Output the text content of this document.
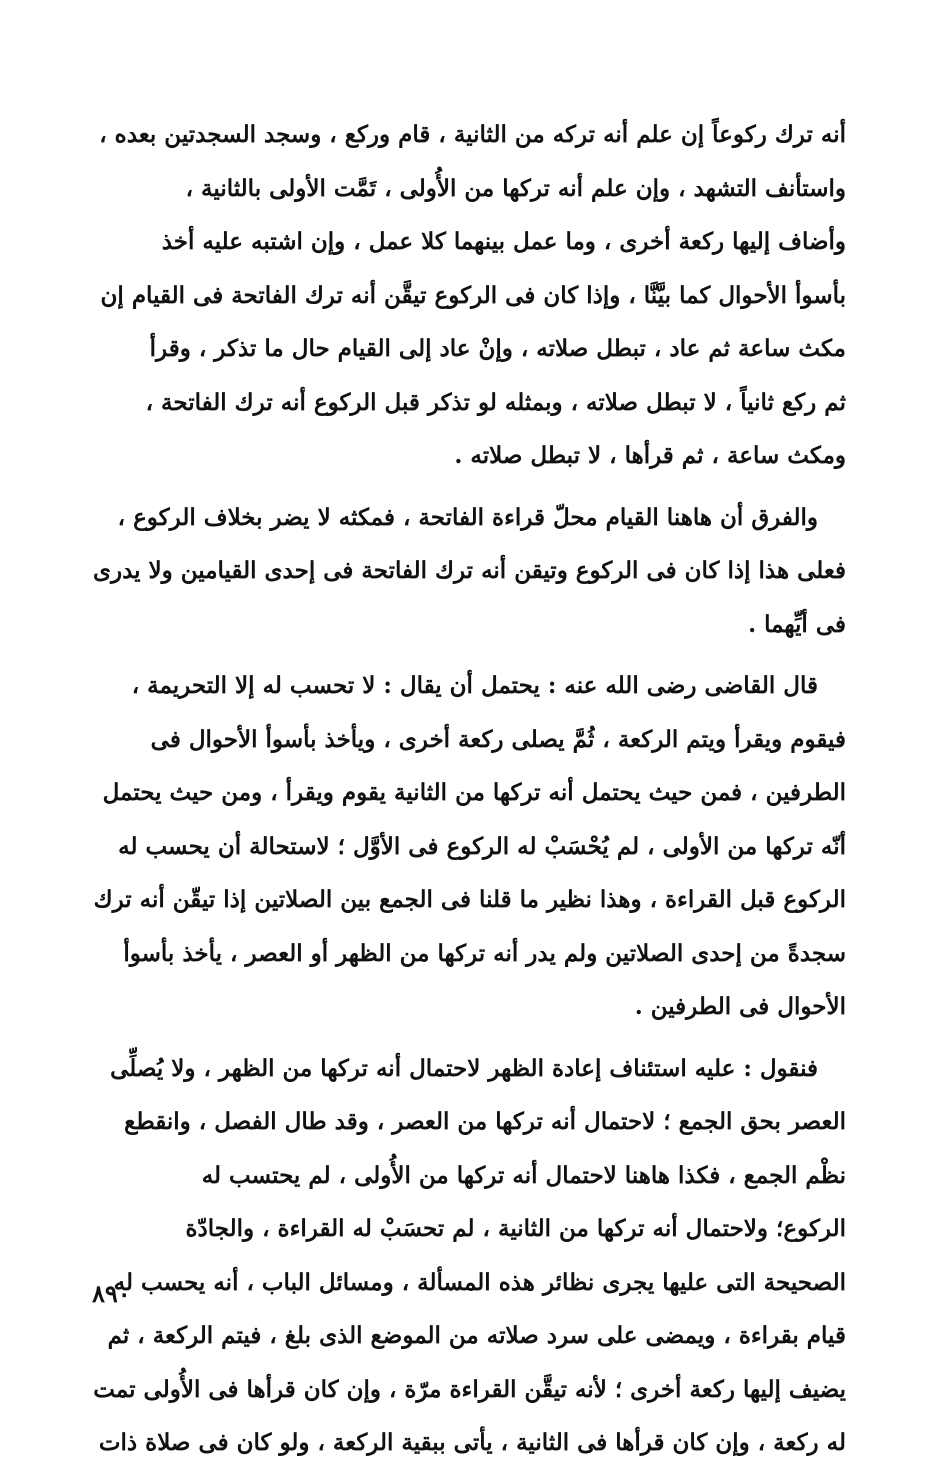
أنه ترك ركوعاً إن علم أنه تركه من الثانية ، قام وركع ، وسجد السجدتين بعده ،
واستأنف التشهد ، وإن علم أنه تركها من الأُولى ، تَمَّت الأولى بالثانية ،
وأضاف إليها ركعة أخرى ، وما عمل بينهما كلا عمل ، وإن اشتبه عليه أخذ
بأسوأ الأحوال كما بيَّنَّا ، وإذا كان فى الركوع تيقَّن أنه ترك الفاتحة فى القيام إن
مكث ساعة ثم عاد ، تبطل صلاته ، وإنْ عاد إلى القيام حال ما تذكر ، وقرأ
ثم ركع ثانياً ، لا تبطل صلاته ، وبمثله لو تذكر قبل الركوع أنه ترك الفاتحة ،
ومكث ساعة ، ثم قرأها ، لا تبطل صلاته .
والفرق أن هاهنا القيام محلّ قراءة الفاتحة ، فمكثه لا يضر بخلاف الركوع ،
فعلى هذا إذا كان فى الركوع وتيقن أنه ترك الفاتحة فى إحدى القيامين ولا يدرى
فى أيِّهما .
قال القاضى رضى الله عنه : يحتمل أن يقال : لا تحسب له إلا التحريمة ،
فيقوم ويقرأ ويتم الركعة ، ثُمَّ يصلى ركعة أخرى ، ويأخذ بأسوأ الأحوال فى
الطرفين ، فمن حيث يحتمل أنه تركها من الثانية يقوم ويقرأ ، ومن حيث يحتمل
أنّه تركها من الأولى ، لم يُحْسَبْ له الركوع فى الأوَّل ؛ لاستحالة أن يحسب له
الركوع قبل القراءة ، وهذا نظير ما قلنا فى الجمع بين الصلاتين إذا تيقّن أنه ترك
سجدةً من إحدى الصلاتين ولم يدر أنه تركها من الظهر أو العصر ، يأخذ بأسوأ
الأحوال فى الطرفين .
فنقول : عليه استئناف إعادة الظهر لاحتمال أنه تركها من الظهر ، ولا يُصلِّى
العصر بحق الجمع ؛ لاحتمال أنه تركها من العصر ، وقد طال الفصل ، وانقطع
نظْم الجمع ، فكذا هاهنا لاحتمال أنه تركها من الأُولى ، لم يحتسب له
الركوع؛ ولاحتمال أنه تركها من الثانية ، لم تحسَبْ له القراءة ، والجادّة
الصحيحة التى عليها يجرى نظائر هذه المسألة ، ومسائل الباب ، أنه يحسب له
قيام بقراءة ، ويمضى على سرد صلاته من الموضع الذى بلغ ، فيتم الركعة ، ثم
يضيف إليها ركعة أخرى ؛ لأنه تيقَّن القراءة مرّة ، وإن كان قرأها فى الأُولى تمت
له ركعة ، وإن كان قرأها فى الثانية ، يأتى ببقية الركعة ، ولو كان فى صلاة ذات
٨٩٠
